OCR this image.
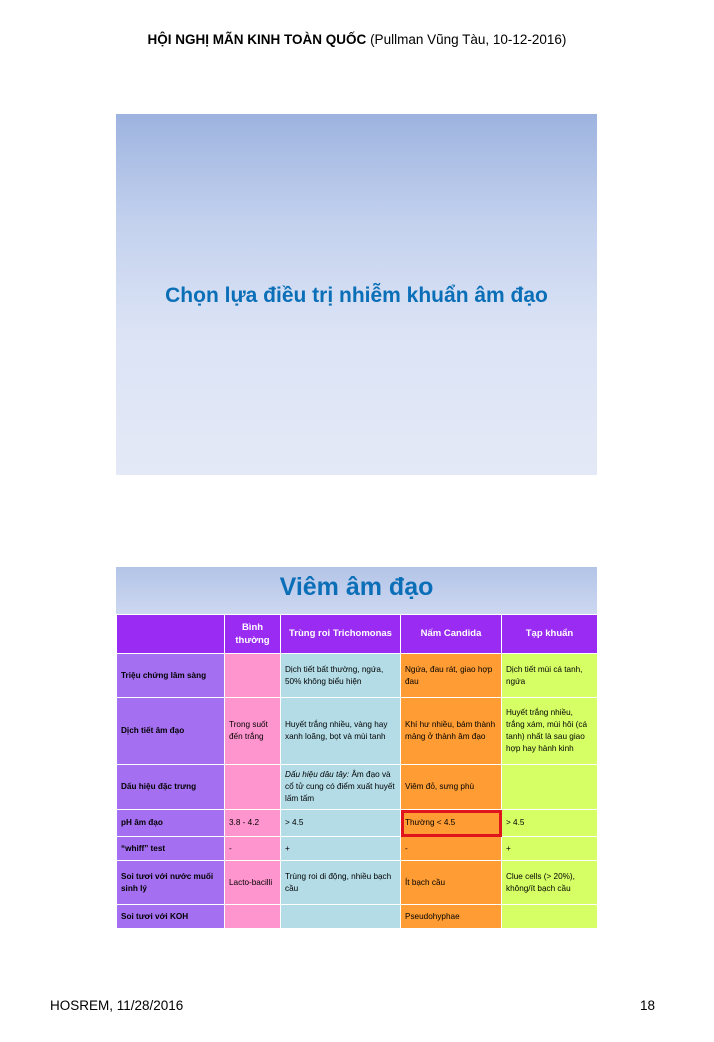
HỘI NGHỊ MÃN KINH TOÀN QUỐC (Pullman Vũng Tàu, 10-12-2016)
Chọn lựa điều trị nhiễm khuẩn âm đạo
Viêm âm đạo
	Bình thường	Trùng roi Trichomonas	Nấm Candida	Tạp khuẩn
Triệu chứng lâm sàng		Dịch tiết bất thường, ngứa, 50% không biểu hiện	Ngứa, đau rát, giao hợp đau	Dịch tiết mùi cá tanh, ngứa
Dịch tiết âm đạo	Trong suốt đến trắng	Huyết trắng nhiều, vàng hay xanh loãng, bọt và mùi tanh	Khí hư nhiều, bám thành mảng ở thành âm đạo	Huyết trắng nhiều, trắng xám, mùi hôi (cá tanh) nhất là sau giao hợp hay hành kinh
Dấu hiệu đặc trưng		Dấu hiệu dâu tây: Âm đạo và cổ tử cung có điểm xuất huyết lấm tấm	Viêm đỏ, sưng phù	
pH âm đạo	3.8 - 4.2	> 4.5	Thường < 4.5	> 4.5
“whiff” test	-	+	-	+
Soi tươi với nước muối sinh lý	Lacto-bacilli	Trùng roi di động, nhiều bạch cầu	Ít bạch cầu	Clue cells (> 20%), không/ít bạch cầu
Soi tươi với KOH			Pseudohyphae	
HOSREM, 11/28/2016	18
